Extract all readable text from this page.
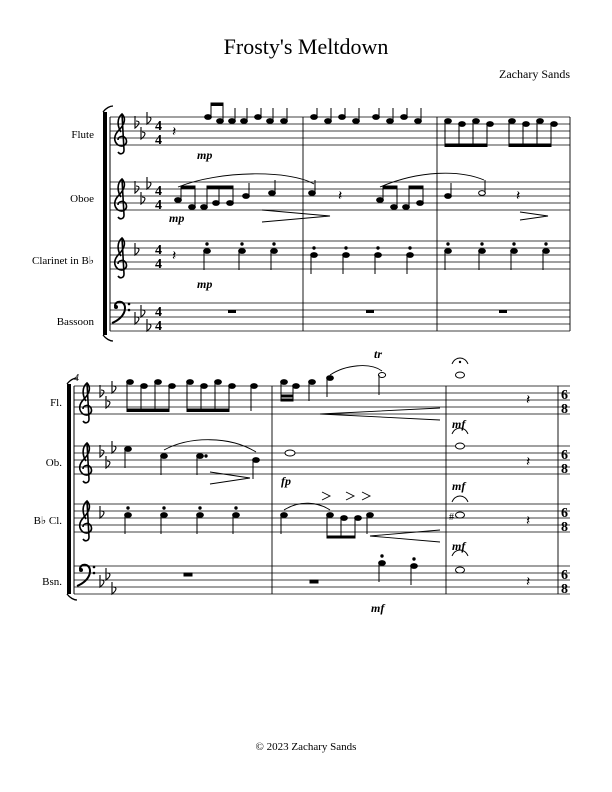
Frosty's Meltdown
Zachary Sands
© 2023 Zachary Sands
Flute
Oboe
Clarinet in B♭
Bassoon
4
4
4
4
4
4
4
4
𝄽
𝄽
𝄽	𝄽
mp
mp
mp
4
Fl.
Ob.
B♭ Cl.
Bsn.
6
8
6
8
6
8
6
8
tr
mf
𝄽
fp	mf
𝄽
#
mf
𝄽
mf
𝄽
